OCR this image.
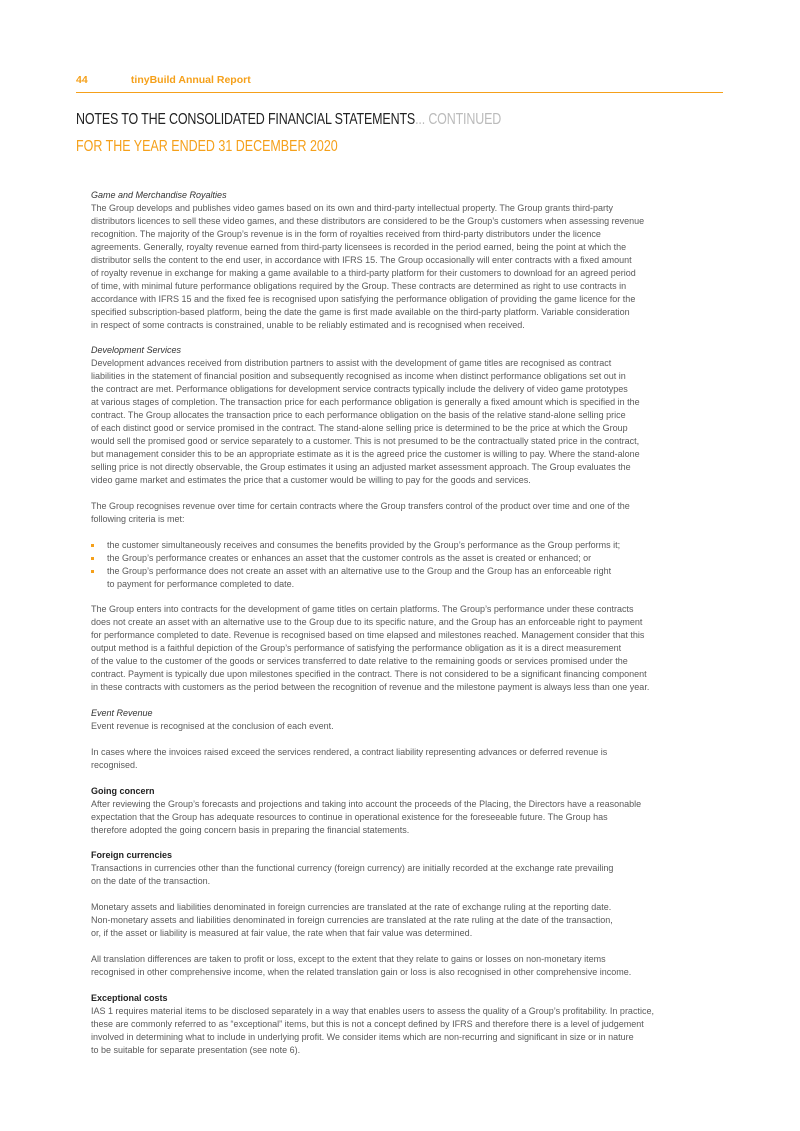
44	tinyBuild Annual Report
NOTES TO THE CONSOLIDATED FINANCIAL STATEMENTS... CONTINUED
FOR THE YEAR ENDED 31 DECEMBER 2020
Game and Merchandise Royalties
The Group develops and publishes video games based on its own and third-party intellectual property. The Group grants third-party
distributors licences to sell these video games, and these distributors are considered to be the Group’s customers when assessing revenue
recognition. The majority of the Group’s revenue is in the form of royalties received from third-party distributors under the licence
agreements. Generally, royalty revenue earned from third-party licensees is recorded in the period earned, being the point at which the
distributor sells the content to the end user, in accordance with IFRS 15. The Group occasionally will enter contracts with a fixed amount
of royalty revenue in exchange for making a game available to a third-party platform for their customers to download for an agreed period
of time, with minimal future performance obligations required by the Group. These contracts are determined as right to use contracts in
accordance with IFRS 15 and the fixed fee is recognised upon satisfying the performance obligation of providing the game licence for the
specified subscription-based platform, being the date the game is first made available on the third-party platform. Variable consideration
in respect of some contracts is constrained, unable to be reliably estimated and is recognised when received.
Development Services
Development advances received from distribution partners to assist with the development of game titles are recognised as contract
liabilities in the statement of financial position and subsequently recognised as income when distinct performance obligations set out in
the contract are met. Performance obligations for development service contracts typically include the delivery of video game prototypes
at various stages of completion. The transaction price for each performance obligation is generally a fixed amount which is specified in the
contract. The Group allocates the transaction price to each performance obligation on the basis of the relative stand-alone selling price
of each distinct good or service promised in the contract. The stand-alone selling price is determined to be the price at which the Group
would sell the promised good or service separately to a customer. This is not presumed to be the contractually stated price in the contract,
but management consider this to be an appropriate estimate as it is the agreed price the customer is willing to pay. Where the stand-alone
selling price is not directly observable, the Group estimates it using an adjusted market assessment approach. The Group evaluates the
video game market and estimates the price that a customer would be willing to pay for the goods and services.
The Group recognises revenue over time for certain contracts where the Group transfers control of the product over time and one of the
following criteria is met:
the customer simultaneously receives and consumes the benefits provided by the Group’s performance as the Group performs it;
the Group’s performance creates or enhances an asset that the customer controls as the asset is created or enhanced; or
the Group’s performance does not create an asset with an alternative use to the Group and the Group has an enforceable right
to payment for performance completed to date.
The Group enters into contracts for the development of game titles on certain platforms. The Group’s performance under these contracts
does not create an asset with an alternative use to the Group due to its specific nature, and the Group has an enforceable right to payment
for performance completed to date. Revenue is recognised based on time elapsed and milestones reached. Management consider that this
output method is a faithful depiction of the Group’s performance of satisfying the performance obligation as it is a direct measurement
of the value to the customer of the goods or services transferred to date relative to the remaining goods or services promised under the
contract. Payment is typically due upon milestones specified in the contract. There is not considered to be a significant financing component
in these contracts with customers as the period between the recognition of revenue and the milestone payment is always less than one year.
Event Revenue
Event revenue is recognised at the conclusion of each event.
In cases where the invoices raised exceed the services rendered, a contract liability representing advances or deferred revenue is
recognised.
Going concern
After reviewing the Group’s forecasts and projections and taking into account the proceeds of the Placing, the Directors have a reasonable
expectation that the Group has adequate resources to continue in operational existence for the foreseeable future. The Group has
therefore adopted the going concern basis in preparing the financial statements.
Foreign currencies
Transactions in currencies other than the functional currency (foreign currency) are initially recorded at the exchange rate prevailing
on the date of the transaction.
Monetary assets and liabilities denominated in foreign currencies are translated at the rate of exchange ruling at the reporting date.
Non-monetary assets and liabilities denominated in foreign currencies are translated at the rate ruling at the date of the transaction,
or, if the asset or liability is measured at fair value, the rate when that fair value was determined.
All translation differences are taken to profit or loss, except to the extent that they relate to gains or losses on non-monetary items
recognised in other comprehensive income, when the related translation gain or loss is also recognised in other comprehensive income.
Exceptional costs
IAS 1 requires material items to be disclosed separately in a way that enables users to assess the quality of a Group’s profitability. In practice,
these are commonly referred to as “exceptional” items, but this is not a concept defined by IFRS and therefore there is a level of judgement
involved in determining what to include in underlying profit. We consider items which are non-recurring and significant in size or in nature
to be suitable for separate presentation (see note 6).
